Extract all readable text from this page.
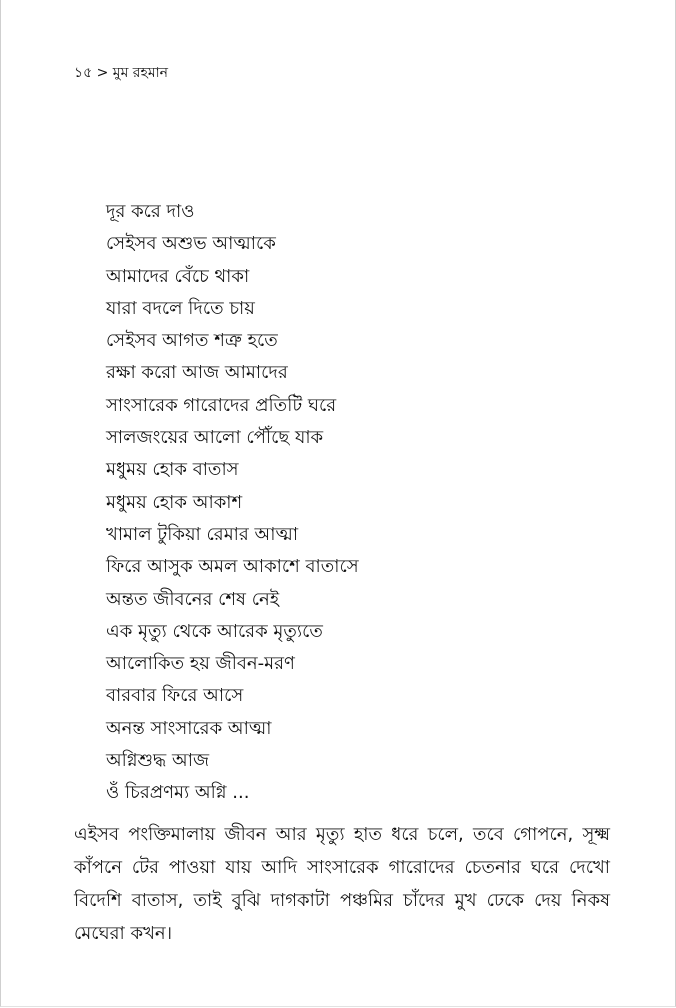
১৫ > মুম রহমান
দূর করে দাও
সেইসব অশুভ আত্মাকে
আমাদের বেঁচে থাকা
যারা বদলে দিতে চায়
সেইসব আগত শত্রু হতে
রক্ষা করো আজ আমাদের
সাংসারেক গারোদের প্রতিটি ঘরে
সালজংয়ের আলো পৌঁছে যাক
মধুময় হোক বাতাস
মধুময় হোক আকাশ
খামাল টুকিয়া রেমার আত্মা
ফিরে আসুক অমল আকাশে বাতাসে
অন্তত জীবনের শেষ নেই
এক মৃত্যু থেকে আরেক মৃত্যুতে
আলোকিত হয় জীবন-মরণ
বারবার ফিরে আসে
অনন্ত সাংসারেক আত্মা
অগ্নিশুদ্ধ আজ
ওঁ চিরপ্রণম্য অগ্নি ...

এইসব পংক্তিমালায় জীবন আর মৃত্যু হাত ধরে চলে, তবে গোপনে, সূক্ষ্ম কাঁপনে টের পাওয়া যায় আদি সাংসারেক গারোদের চেতনার ঘরে দেখো বিদেশি বাতাস, তাই বুঝি দাগকাটা পঞ্চমির চাঁদের মুখ ঢেকে দেয় নিকষ মেঘেরা কখন।
